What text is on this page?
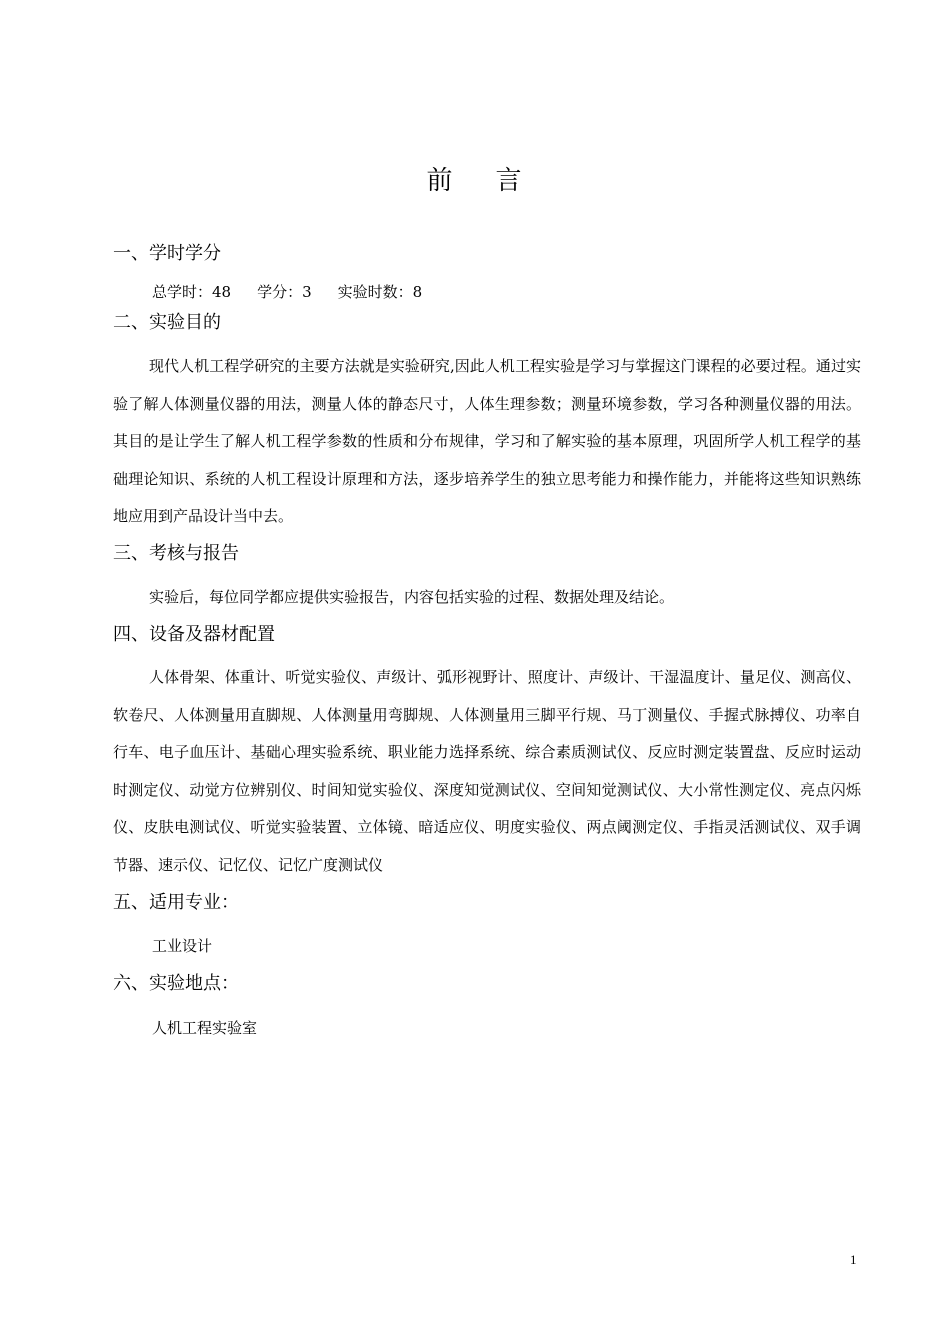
前    言
一、学时学分
总学时：48 学分：3 实验时数：8
二、实验目的
现代人机工程学研究的主要方法就是实验研究,因此人机工程实验是学习与掌握这门课程的必要过程。通过实验了解人体测量仪器的用法，测量人体的静态尺寸，人体生理参数；测量环境参数，学习各种测量仪器的用法。其目的是让学生了解人机工程学参数的性质和分布规律，学习和了解实验的基本原理，巩固所学人机工程学的基础理论知识、系统的人机工程设计原理和方法，逐步培养学生的独立思考能力和操作能力，并能将这些知识熟练地应用到产品设计当中去。
三、考核与报告
实验后，每位同学都应提供实验报告，内容包括实验的过程、数据处理及结论。
四、设备及器材配置
人体骨架、体重计、听觉实验仪、声级计、弧形视野计、照度计、声级计、干湿温度计、量足仪、测高仪、软卷尺、人体测量用直脚规、人体测量用弯脚规、人体测量用三脚平行规、马丁测量仪、手握式脉搏仪、功率自行车、电子血压计、基础心理实验系统、职业能力选择系统、综合素质测试仪、反应时测定装置盘、反应时运动时测定仪、动觉方位辨别仪、时间知觉实验仪、深度知觉测试仪、空间知觉测试仪、大小常性测定仪、亮点闪烁仪、皮肤电测试仪、听觉实验装置、立体镜、暗适应仪、明度实验仪、两点阈测定仪、手指灵活测试仪、双手调节器、速示仪、记忆仪、记忆广度测试仪
五、适用专业：
工业设计
六、实验地点：
人机工程实验室
1
